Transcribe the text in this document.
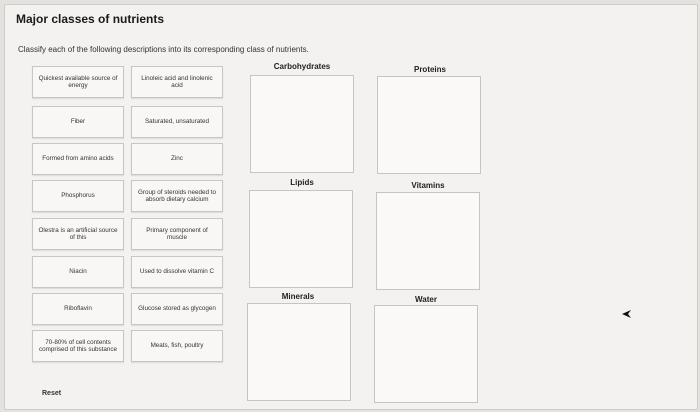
Major classes of nutrients
Classify each of the following descriptions into its corresponding class of nutrients.
Quickest available source of energy
Fiber
Formed from amino acids
Phosphorus
Olestra is an artificial source of this
Niacin
Riboflavin
70-80% of cell contents comprised of this substance
Linoleic acid and linolenic acid
Saturated, unsaturated
Zinc
Group of steroids needed to absorb dietary calcium
Primary component of muscle
Used to dissolve vitamin C
Glucose stored as glycogen
Meats, fish, poultry
Carbohydrates	Proteins
Lipids	Vitamins
Minerals	Water
Reset
